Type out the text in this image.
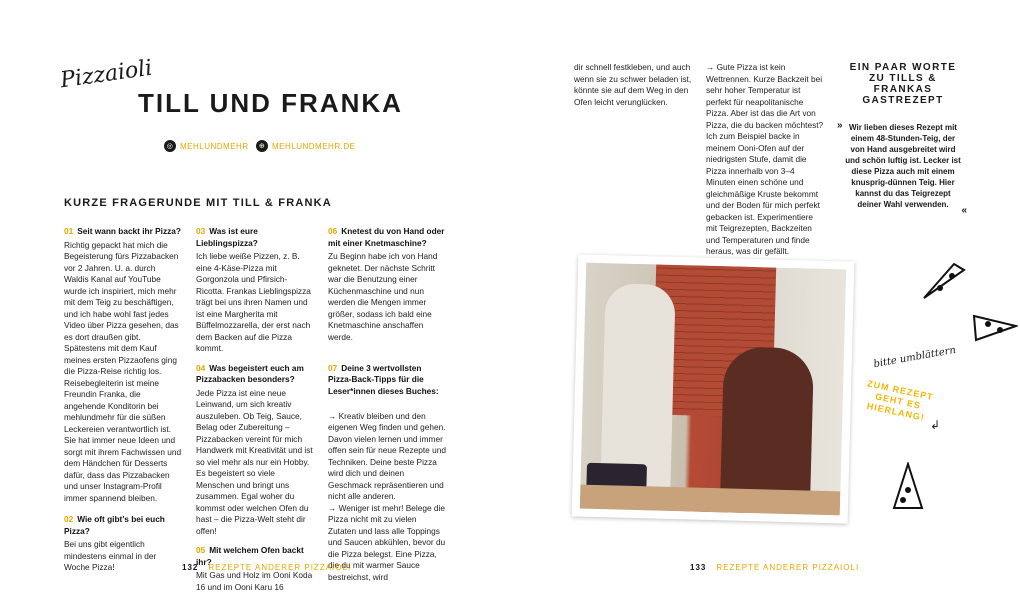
Pizzaioli
TILL UND FRANKA
◎ MEHLUNDMEHR	⊕ MEHLUNDMEHR.DE
KURZE FRAGERUNDE MIT TILL & FRANKA

01 Seit wann backt ihr Pizza?
Richtig gepackt hat mich die Begeisterung fürs Pizzabacken vor 2 Jahren. U. a. durch Waldis Kanal auf YouTube wurde ich inspiriert, mich mehr mit dem Teig zu beschäftigen, und ich habe wohl fast jedes Video über Pizza gesehen, das es dort draußen gibt. Spätestens mit dem Kauf meines ersten Pizzaofens ging die Pizza-Reise richtig los. Reisebegleiterin ist meine Freundin Franka, die angehende Konditorin bei mehlundmehr für die süßen Leckereien verantwortlich ist. Sie hat immer neue Ideen und sorgt mit ihrem Fachwissen und dem Händchen für Desserts dafür, dass das Pizzabacken und unser Instagram-Profil immer spannend bleiben.

02 Wie oft gibt's bei euch Pizza?
Bei uns gibt eigentlich mindestens einmal in der Woche Pizza!

03 Was ist eure Lieblingspizza?
Ich liebe weiße Pizzen, z. B. eine 4-Käse-Pizza mit Gorgonzola und Pfirsich-Ricotta. Frankas Lieblingspizza trägt bei uns ihren Namen und ist eine Margherita mit Büffelmozzarella, der erst nach dem Backen auf die Pizza kommt.

04 Was begeistert euch am Pizzabacken besonders?
Jede Pizza ist eine neue Leinwand, um sich kreativ auszuleben. Ob Teig, Sauce, Belag oder Zubereitung – Pizzabacken vereint für mich Handwerk mit Kreativität und ist so viel mehr als nur ein Hobby. Es begeistert so viele Menschen und bringt uns zusammen. Egal woher du kommst oder welchen Ofen du hast – die Pizza-Welt steht dir offen!

05 Mit welchem Ofen backt ihr?
Mit Gas und Holz im Ooni Koda 16 und im Ooni Karu 16

06 Knetest du von Hand oder mit einer Knetmaschine?
Zu Beginn habe ich von Hand geknetet. Der nächste Schritt war die Benutzung einer Küchenmaschine und nun werden die Mengen immer größer, sodass ich bald eine Knetmaschine anschaffen werde.

07 Deine 3 wertvollsten Pizza-Back-Tipps für die Leser*innen dieses Buches:

→ Kreativ bleiben und den eigenen Weg finden und gehen. Davon vielen lernen und immer offen sein für neue Rezepte und Techniken. Deine beste Pizza wird dich und deinen Geschmack repräsentieren und nicht alle anderen.
→ Weniger ist mehr! Belege die Pizza nicht mit zu vielen Zutaten und lass alle Toppings und Saucen abkühlen, bevor du die Pizza belegst. Eine Pizza, die du mit warmer Sauce bestreichst, wird

132 REZEPTE ANDERER PIZZAIOLI

dir schnell festkleben, und auch wenn sie zu schwer beladen ist, könnte sie auf dem Weg in den Ofen leicht verunglücken.

→ Gute Pizza ist kein Wettrennen. Kurze Backzeit bei sehr hoher Temperatur ist perfekt für neapolitanische Pizza. Aber ist das die Art von Pizza, die du backen möchtest? Ich zum Beispiel backe in meinem Ooni-Ofen auf der niedrigsten Stufe, damit die Pizza innerhalb von 3–4 Minuten einen schöne und gleichmäßige Kruste bekommt und der Boden für mich perfekt gebacken ist. Experimentiere mit Teigrezepten, Backzeiten und Temperaturen und finde heraus, was dir gefällt.

EIN PAAR WORTE ZU TILLS & FRANKAS GASTREZEPT
» Wir lieben dieses Rezept mit einem 48-Stunden-Teig, der von Hand ausgebreitet wird und schön luftig ist. Lecker ist diese Pizza auch mit einem knusprig-dünnen Teig. Hier kannst du das Teigrezept deiner Wahl verwenden.
«
bitte umblättern
ZUM REZEPT GEHT ES HIERLANG!
↲
133 REZEPTE ANDERER PIZZAIOLI
